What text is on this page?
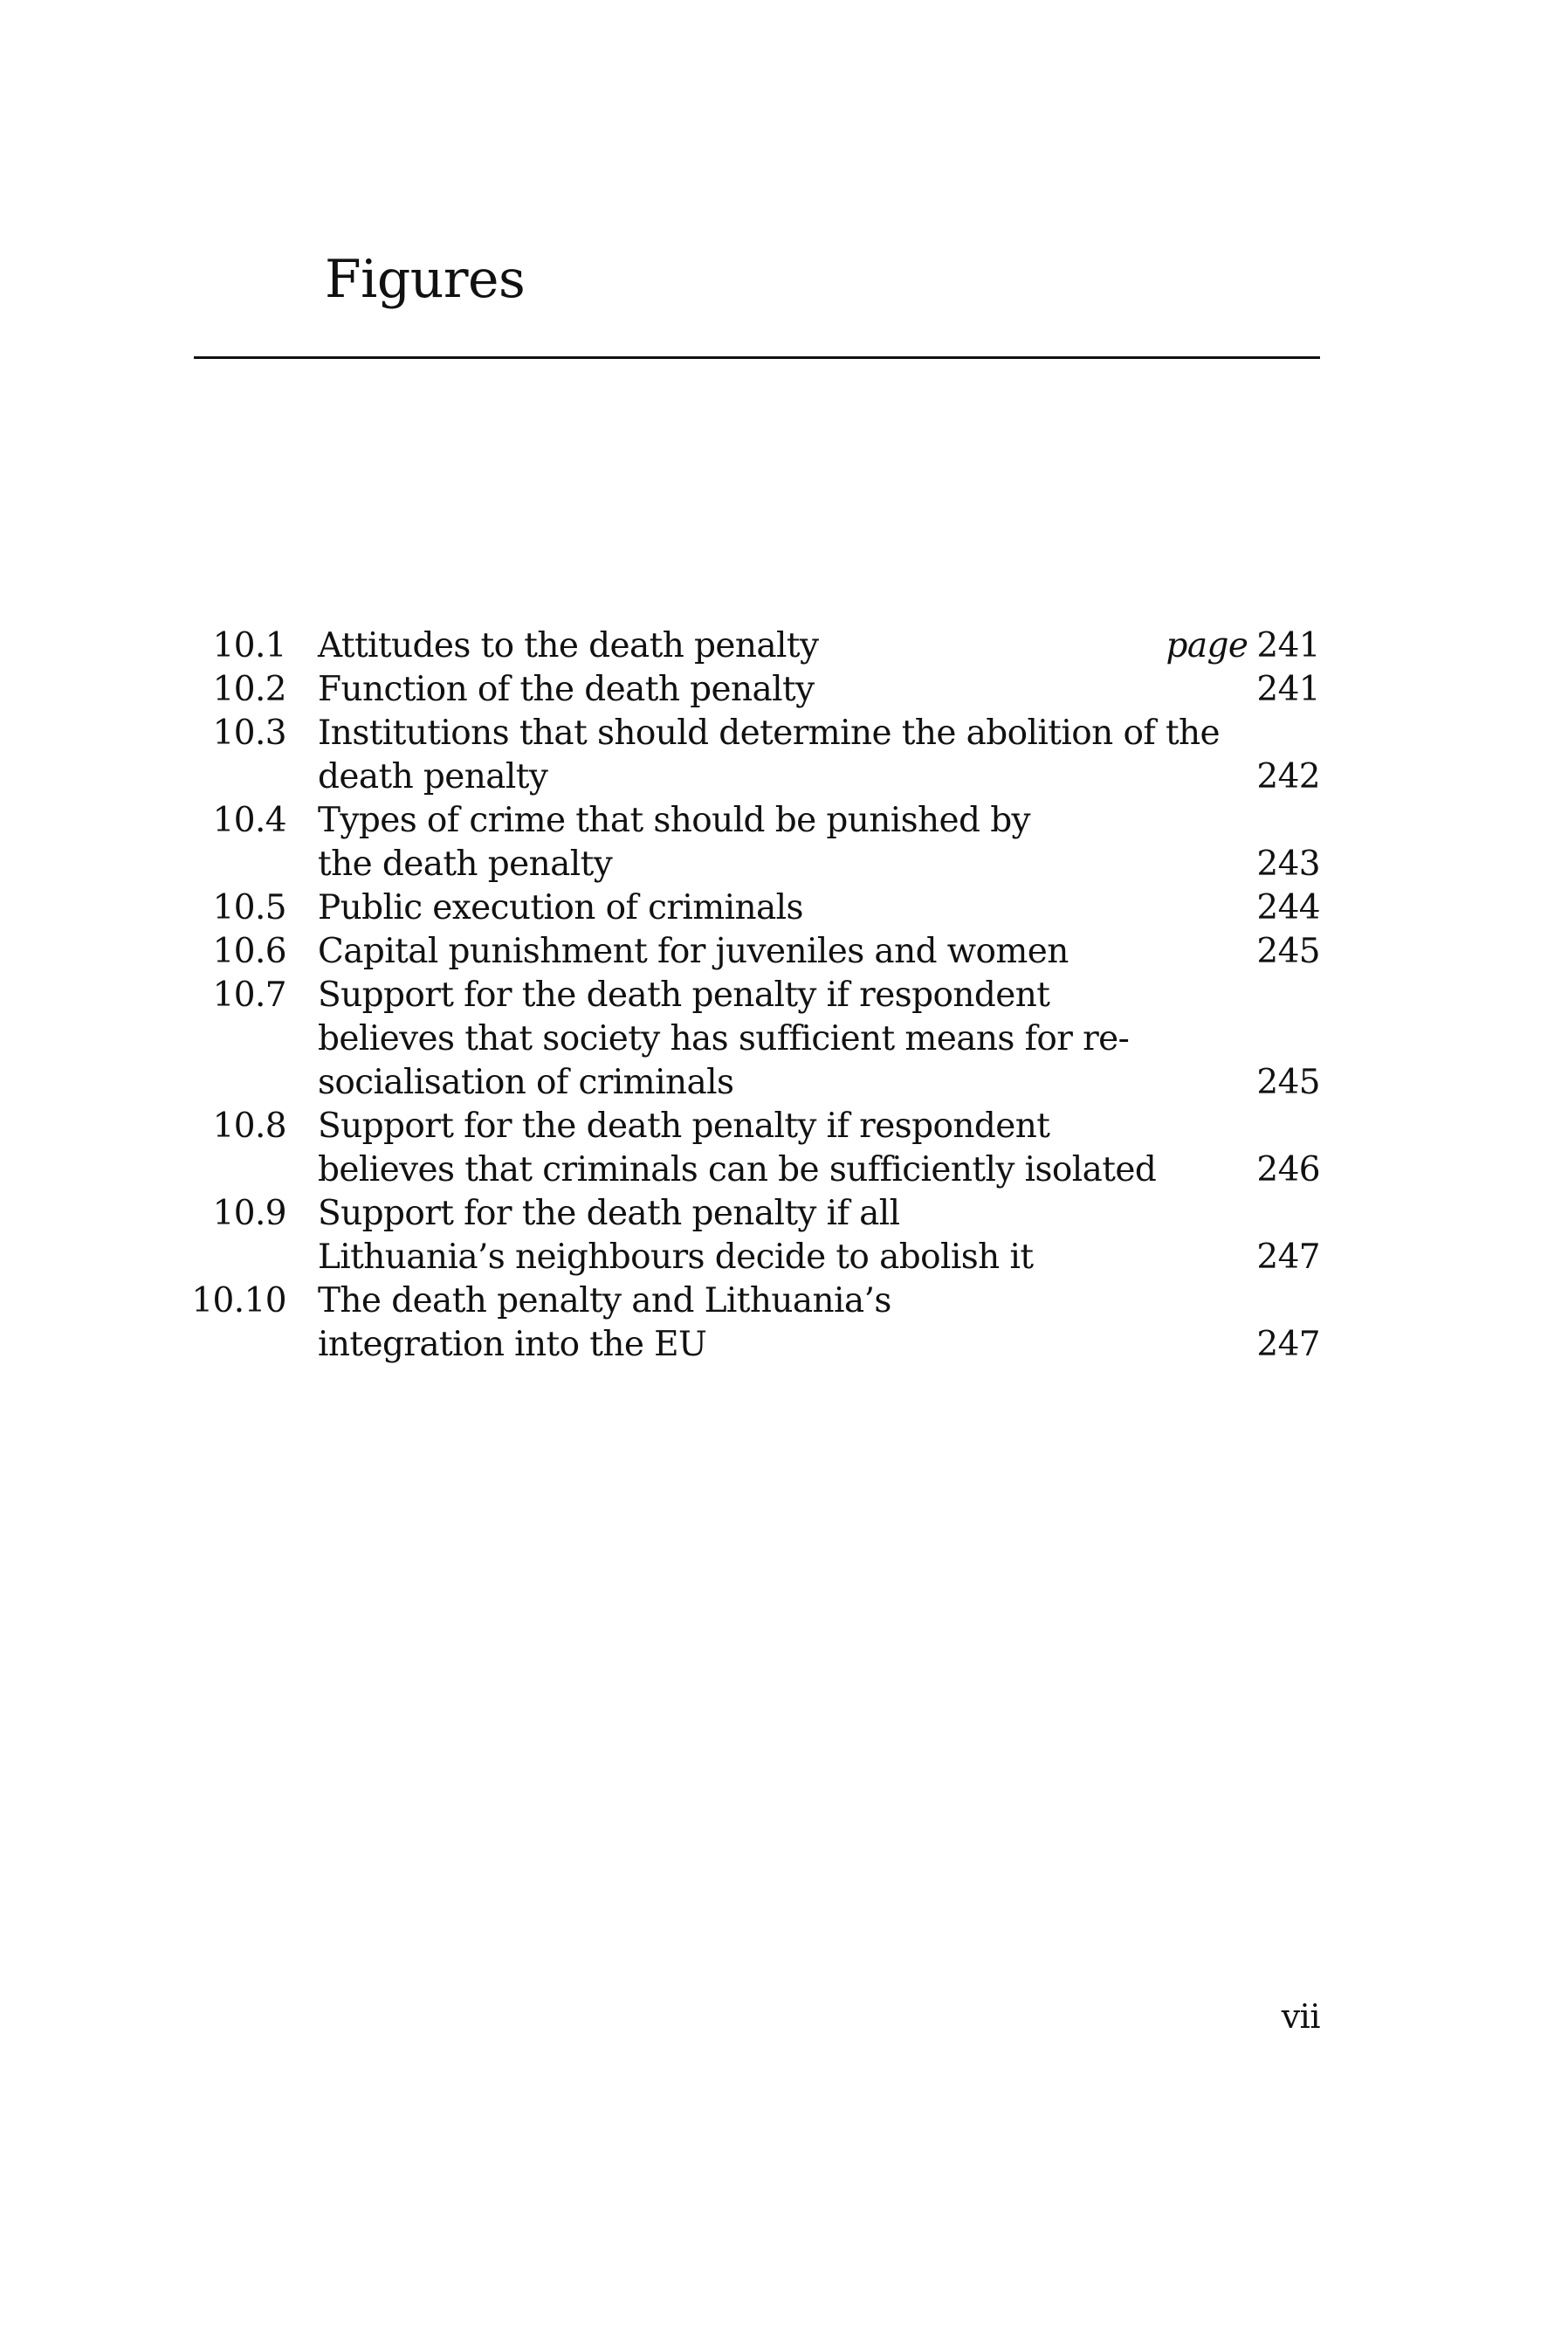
Figures
10.1 Attitudes to the death penalty	page 241
10.2 Function of the death penalty	241
10.3 Institutions that should determine the abolition of the death penalty	242
10.4 Types of crime that should be punished by the death penalty	243
10.5 Public execution of criminals	244
10.6 Capital punishment for juveniles and women	245
10.7 Support for the death penalty if respondent believes that society has sufficient means for re-socialisation of criminals	245
10.8 Support for the death penalty if respondent believes that criminals can be sufficiently isolated	246
10.9 Support for the death penalty if all Lithuania’s neighbours decide to abolish it	247
10.10 The death penalty and Lithuania’s integration into the EU	247
vii
